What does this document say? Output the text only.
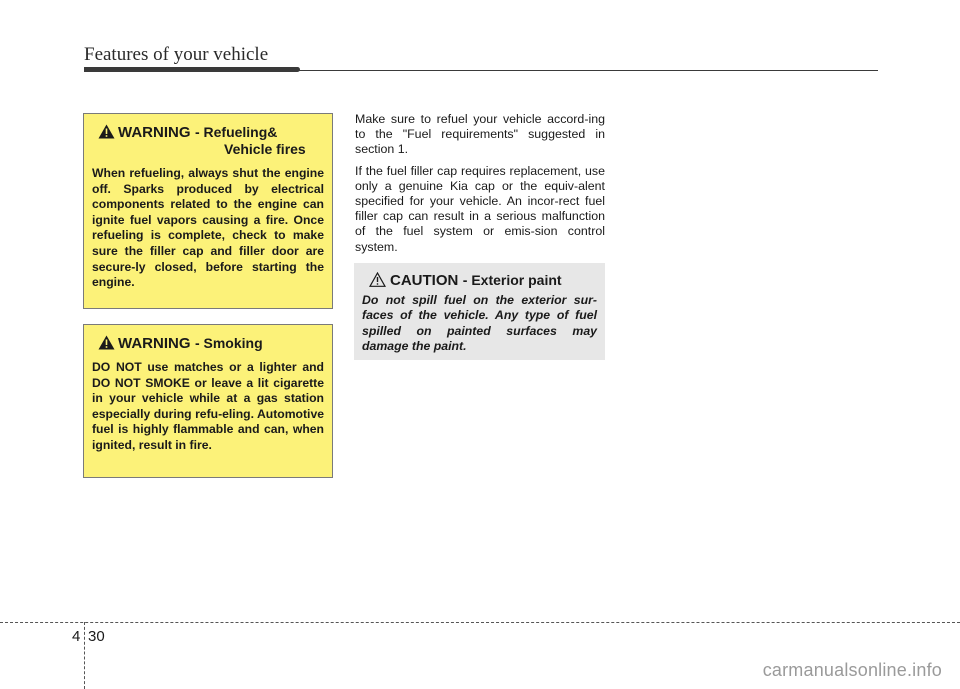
Features of your vehicle
WARNING - Refueling&
Vehicle fires
When refueling, always shut the engine off. Sparks produced by electrical components related to the engine can ignite fuel vapors causing a fire. Once refueling is complete, check to make sure the filler cap and filler door are secure-ly closed, before starting the engine.
WARNING - Smoking
DO NOT use matches or a lighter and DO NOT SMOKE or leave a lit cigarette in your vehicle while at a gas station especially during refu-eling. Automotive fuel is highly flammable and can, when ignited, result in fire.

Make sure to refuel your vehicle accord-ing to the "Fuel requirements" suggested in section 1.

If the fuel filler cap requires replacement, use only a genuine Kia cap or the equiv-alent specified for your vehicle. An incor-rect fuel filler cap can result in a serious malfunction of the fuel system or emis-sion control system.

CAUTION - Exterior paint
Do not spill fuel on the exterior sur-faces of the vehicle. Any type of fuel spilled on painted surfaces may damage the paint.
4 30
carmanualsonline.info
